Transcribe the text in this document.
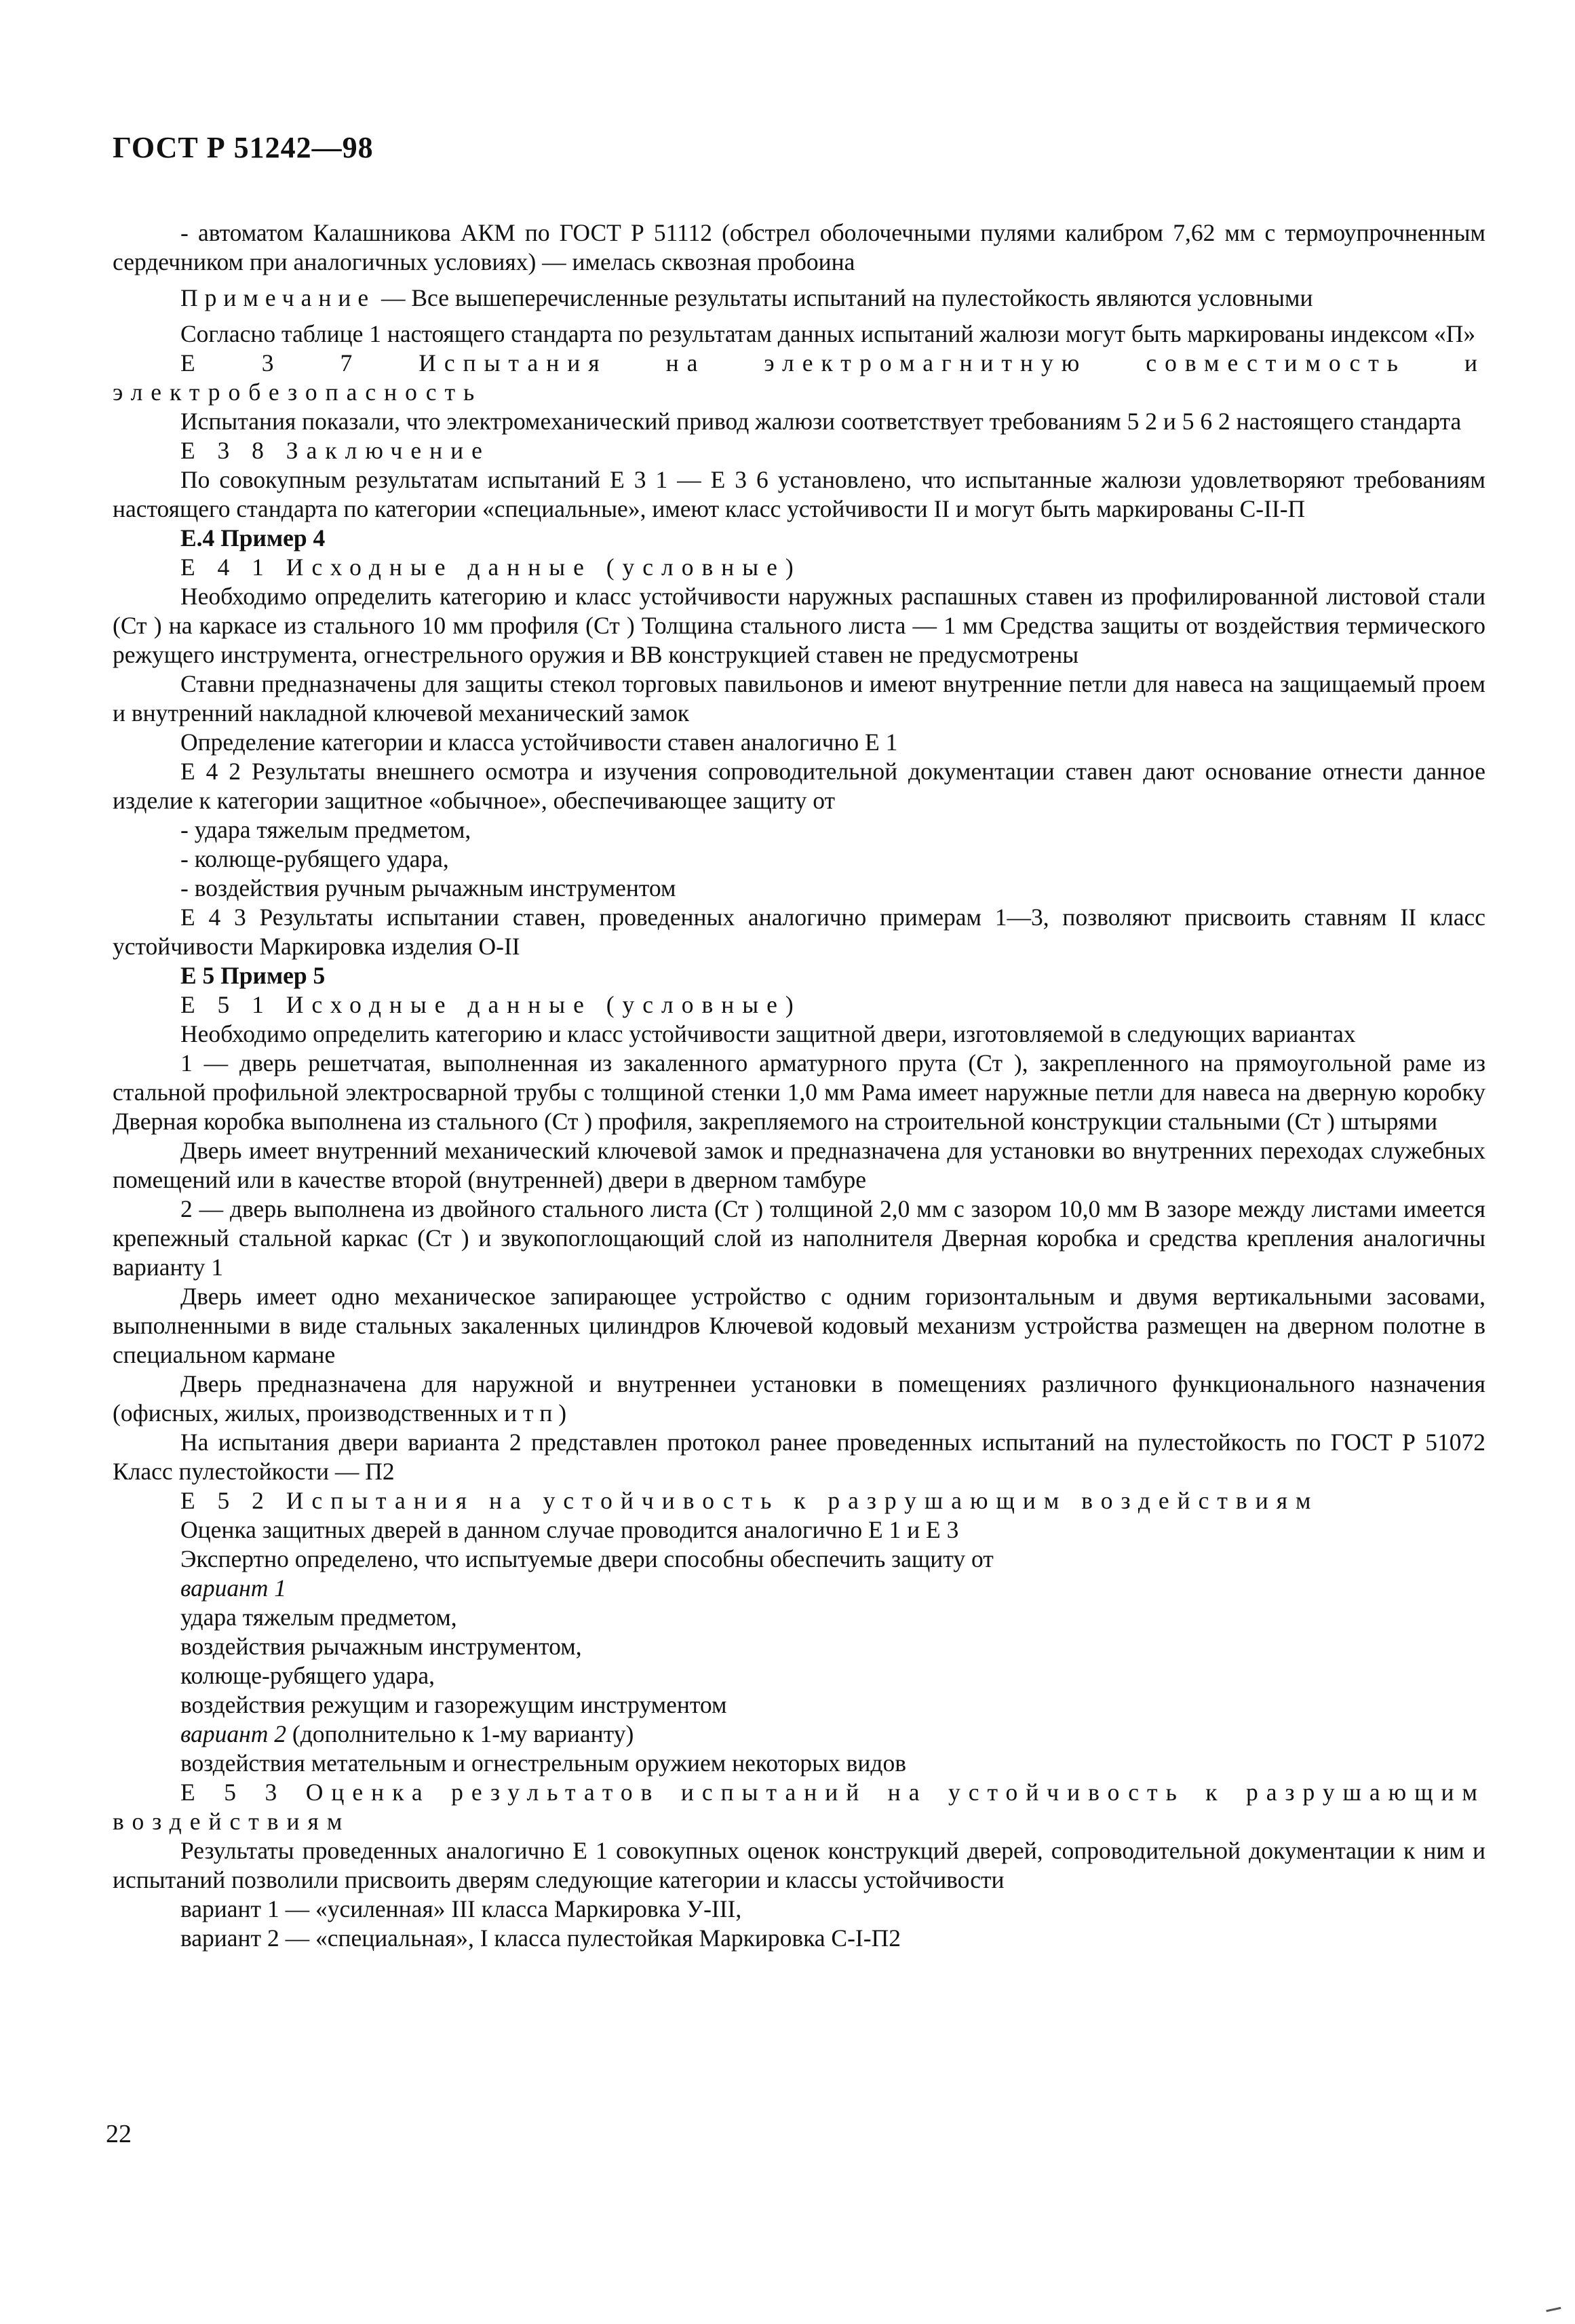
ГОСТ Р 51242—98

- автоматом Калашникова АКМ по ГОСТ Р 51112 (обстрел оболочечными пулями калибром 7,62 мм с термоупрочненным сердечником при аналогичных условиях) — имелась сквозная пробоина

Примечание — Все вышеперечисленные результаты испытаний на пулестойкость являются условными

Согласно таблице 1 настоящего стандарта по результатам данных испытаний жалюзи могут быть маркированы индексом «П»

Е 3 7 Испытания на электромагнитную совместимость и электробезопасность

Испытания показали, что электромеханический привод жалюзи соответствует требованиям 5 2 и 5 6 2 настоящего стандарта

Е 3 8 Заключение

По совокупным результатам испытаний Е 3 1 — Е 3 6 установлено, что испытанные жалюзи удовлетворяют требованиям настоящего стандарта по категории «специальные», имеют класс устойчивости II и могут быть маркированы С-II-П

Е.4 Пример 4

Е 4 1 Исходные данные (условные)

Необходимо определить категорию и класс устойчивости наружных распашных ставен из профилированной листовой стали (Ст ) на каркасе из стального 10 мм профиля (Ст ) Толщина стального листа — 1 мм Средства защиты от воздействия термического режущего инструмента, огнестрельного оружия и ВВ конструкцией ставен не предусмотрены

Ставни предназначены для защиты стекол торговых павильонов и имеют внутренние петли для навеса на защищаемый проем и внутренний накладной ключевой механический замок

Определение категории и класса устойчивости ставен аналогично Е 1

Е 4 2 Результаты внешнего осмотра и изучения сопроводительной документации ставен дают основание отнести данное изделие к категории защитное «обычное», обеспечивающее защиту от

- удара тяжелым предметом,

- колюще-рубящего удара,

- воздействия ручным рычажным инструментом

Е 4 3 Результаты испытании ставен, проведенных аналогично примерам 1—3, позволяют присвоить ставням II класс устойчивости Маркировка изделия О-II

Е 5 Пример 5

Е 5 1 Исходные данные (условные)

Необходимо определить категорию и класс устойчивости защитной двери, изготовляемой в следующих вариантах

1 — дверь решетчатая, выполненная из закаленного арматурного прута (Ст ), закрепленного на прямоугольной раме из стальной профильной электросварной трубы с толщиной стенки 1,0 мм Рама имеет наружные петли для навеса на дверную коробку Дверная коробка выполнена из стального (Ст ) профиля, закрепляемого на строительной конструкции стальными (Ст ) штырями

Дверь имеет внутренний механический ключевой замок и предназначена для установки во внутренних переходах служебных помещений или в качестве второй (внутренней) двери в дверном тамбуре

2 — дверь выполнена из двойного стального листа (Ст ) толщиной 2,0 мм с зазором 10,0 мм В зазоре между листами имеется крепежный стальной каркас (Ст ) и звукопоглощающий слой из наполнителя Дверная коробка и средства крепления аналогичны варианту 1

Дверь имеет одно механическое запирающее устройство с одним горизонтальным и двумя вертикальными засовами, выполненными в виде стальных закаленных цилиндров Ключевой кодовый механизм устройства размещен на дверном полотне в специальном кармане

Дверь предназначена для наружной и внутреннеи установки в помещениях различного функционального назначения (офисных, жилых, производственных и т п )

На испытания двери варианта 2 представлен протокол ранее проведенных испытаний на пулестойкость по ГОСТ Р 51072 Класс пулестойкости — П2

Е 5 2 Испытания на устойчивость к разрушающим воздействиям

Оценка защитных дверей в данном случае проводится аналогично Е 1 и Е 3

Экспертно определено, что испытуемые двери способны обеспечить защиту от

вариант 1

удара тяжелым предметом,

воздействия рычажным инструментом,

колюще-рубящего удара,

воздействия режущим и газорежущим инструментом

вариант 2 (дополнительно к 1-му варианту)

воздействия метательным и огнестрельным оружием некоторых видов

Е 5 3 Оценка результатов испытаний на устойчивость к разрушающим воздействиям

Результаты проведенных аналогично Е 1 совокупных оценок конструкций дверей, сопроводительной документации к ним и испытаний позволили присвоить дверям следующие категории и классы устойчивости

вариант 1 — «усиленная» III класса Маркировка У-III,

вариант 2 — «специальная», I класса пулестойкая Маркировка С-I-П2

22
